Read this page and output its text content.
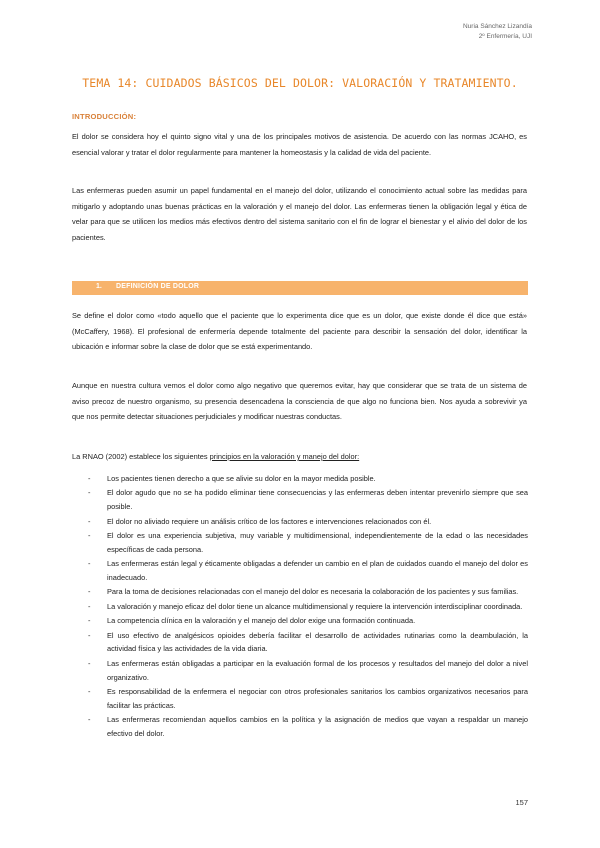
Nuria Sánchez Lizandía
2º Enfermería, UJI
TEMA 14: CUIDADOS BÁSICOS DEL DOLOR: VALORACIÓN Y TRATAMIENTO.
INTRODUCCIÓN:

El dolor se considera hoy el quinto signo vital y una de los principales motivos de asistencia. De acuerdo con las normas JCAHO, es esencial valorar y tratar el dolor regularmente para mantener la homeostasis y la calidad de vida del paciente.

Las enfermeras pueden asumir un papel fundamental en el manejo del dolor, utilizando el conocimiento actual sobre las medidas para mitigarlo y adoptando unas buenas prácticas en la valoración y el manejo del dolor. Las enfermeras tienen la obligación legal y ética de velar para que se utilicen los medios más efectivos dentro del sistema sanitario con el fin de lograr el bienestar y el alivio del dolor de los pacientes.

1. DEFINICIÓN DE DOLOR

Se define el dolor como «todo aquello que el paciente que lo experimenta dice que es un dolor, que existe donde él dice que está» (McCaffery, 1968). El profesional de enfermería depende totalmente del paciente para describir la sensación del dolor, identificar la ubicación e informar sobre la clase de dolor que se está experimentando.

Aunque en nuestra cultura vemos el dolor como algo negativo que queremos evitar, hay que considerar que se trata de un sistema de aviso precoz de nuestro organismo, su presencia desencadena la consciencia de que algo no funciona bien. Nos ayuda a sobrevivir ya que nos permite detectar situaciones perjudiciales y modificar nuestras conductas.

La RNAO (2002) establece los siguientes principios en la valoración y manejo del dolor:
- Los pacientes tienen derecho a que se alivie su dolor en la mayor medida posible.
- El dolor agudo que no se ha podido eliminar tiene consecuencias y las enfermeras deben intentar prevenirlo siempre que sea posible.
- El dolor no aliviado requiere un análisis crítico de los factores e intervenciones relacionados con él.
- El dolor es una experiencia subjetiva, muy variable y multidimensional, independientemente de la edad o las necesidades específicas de cada persona.
- Las enfermeras están legal y éticamente obligadas a defender un cambio en el plan de cuidados cuando el manejo del dolor es inadecuado.
- Para la toma de decisiones relacionadas con el manejo del dolor es necesaria la colaboración de los pacientes y sus familias.
- La valoración y manejo eficaz del dolor tiene un alcance multidimensional y requiere la intervención interdisciplinar coordinada.
- La competencia clínica en la valoración y el manejo del dolor exige una formación continuada.
- El uso efectivo de analgésicos opioides debería facilitar el desarrollo de actividades rutinarias como la deambulación, la actividad física y las actividades de la vida diaria.
- Las enfermeras están obligadas a participar en la evaluación formal de los procesos y resultados del manejo del dolor a nivel organizativo.
- Es responsabilidad de la enfermera el negociar con otros profesionales sanitarios los cambios organizativos necesarios para facilitar las prácticas.
- Las enfermeras recomiendan aquellos cambios en la política y la asignación de medios que vayan a respaldar un manejo efectivo del dolor.
157
